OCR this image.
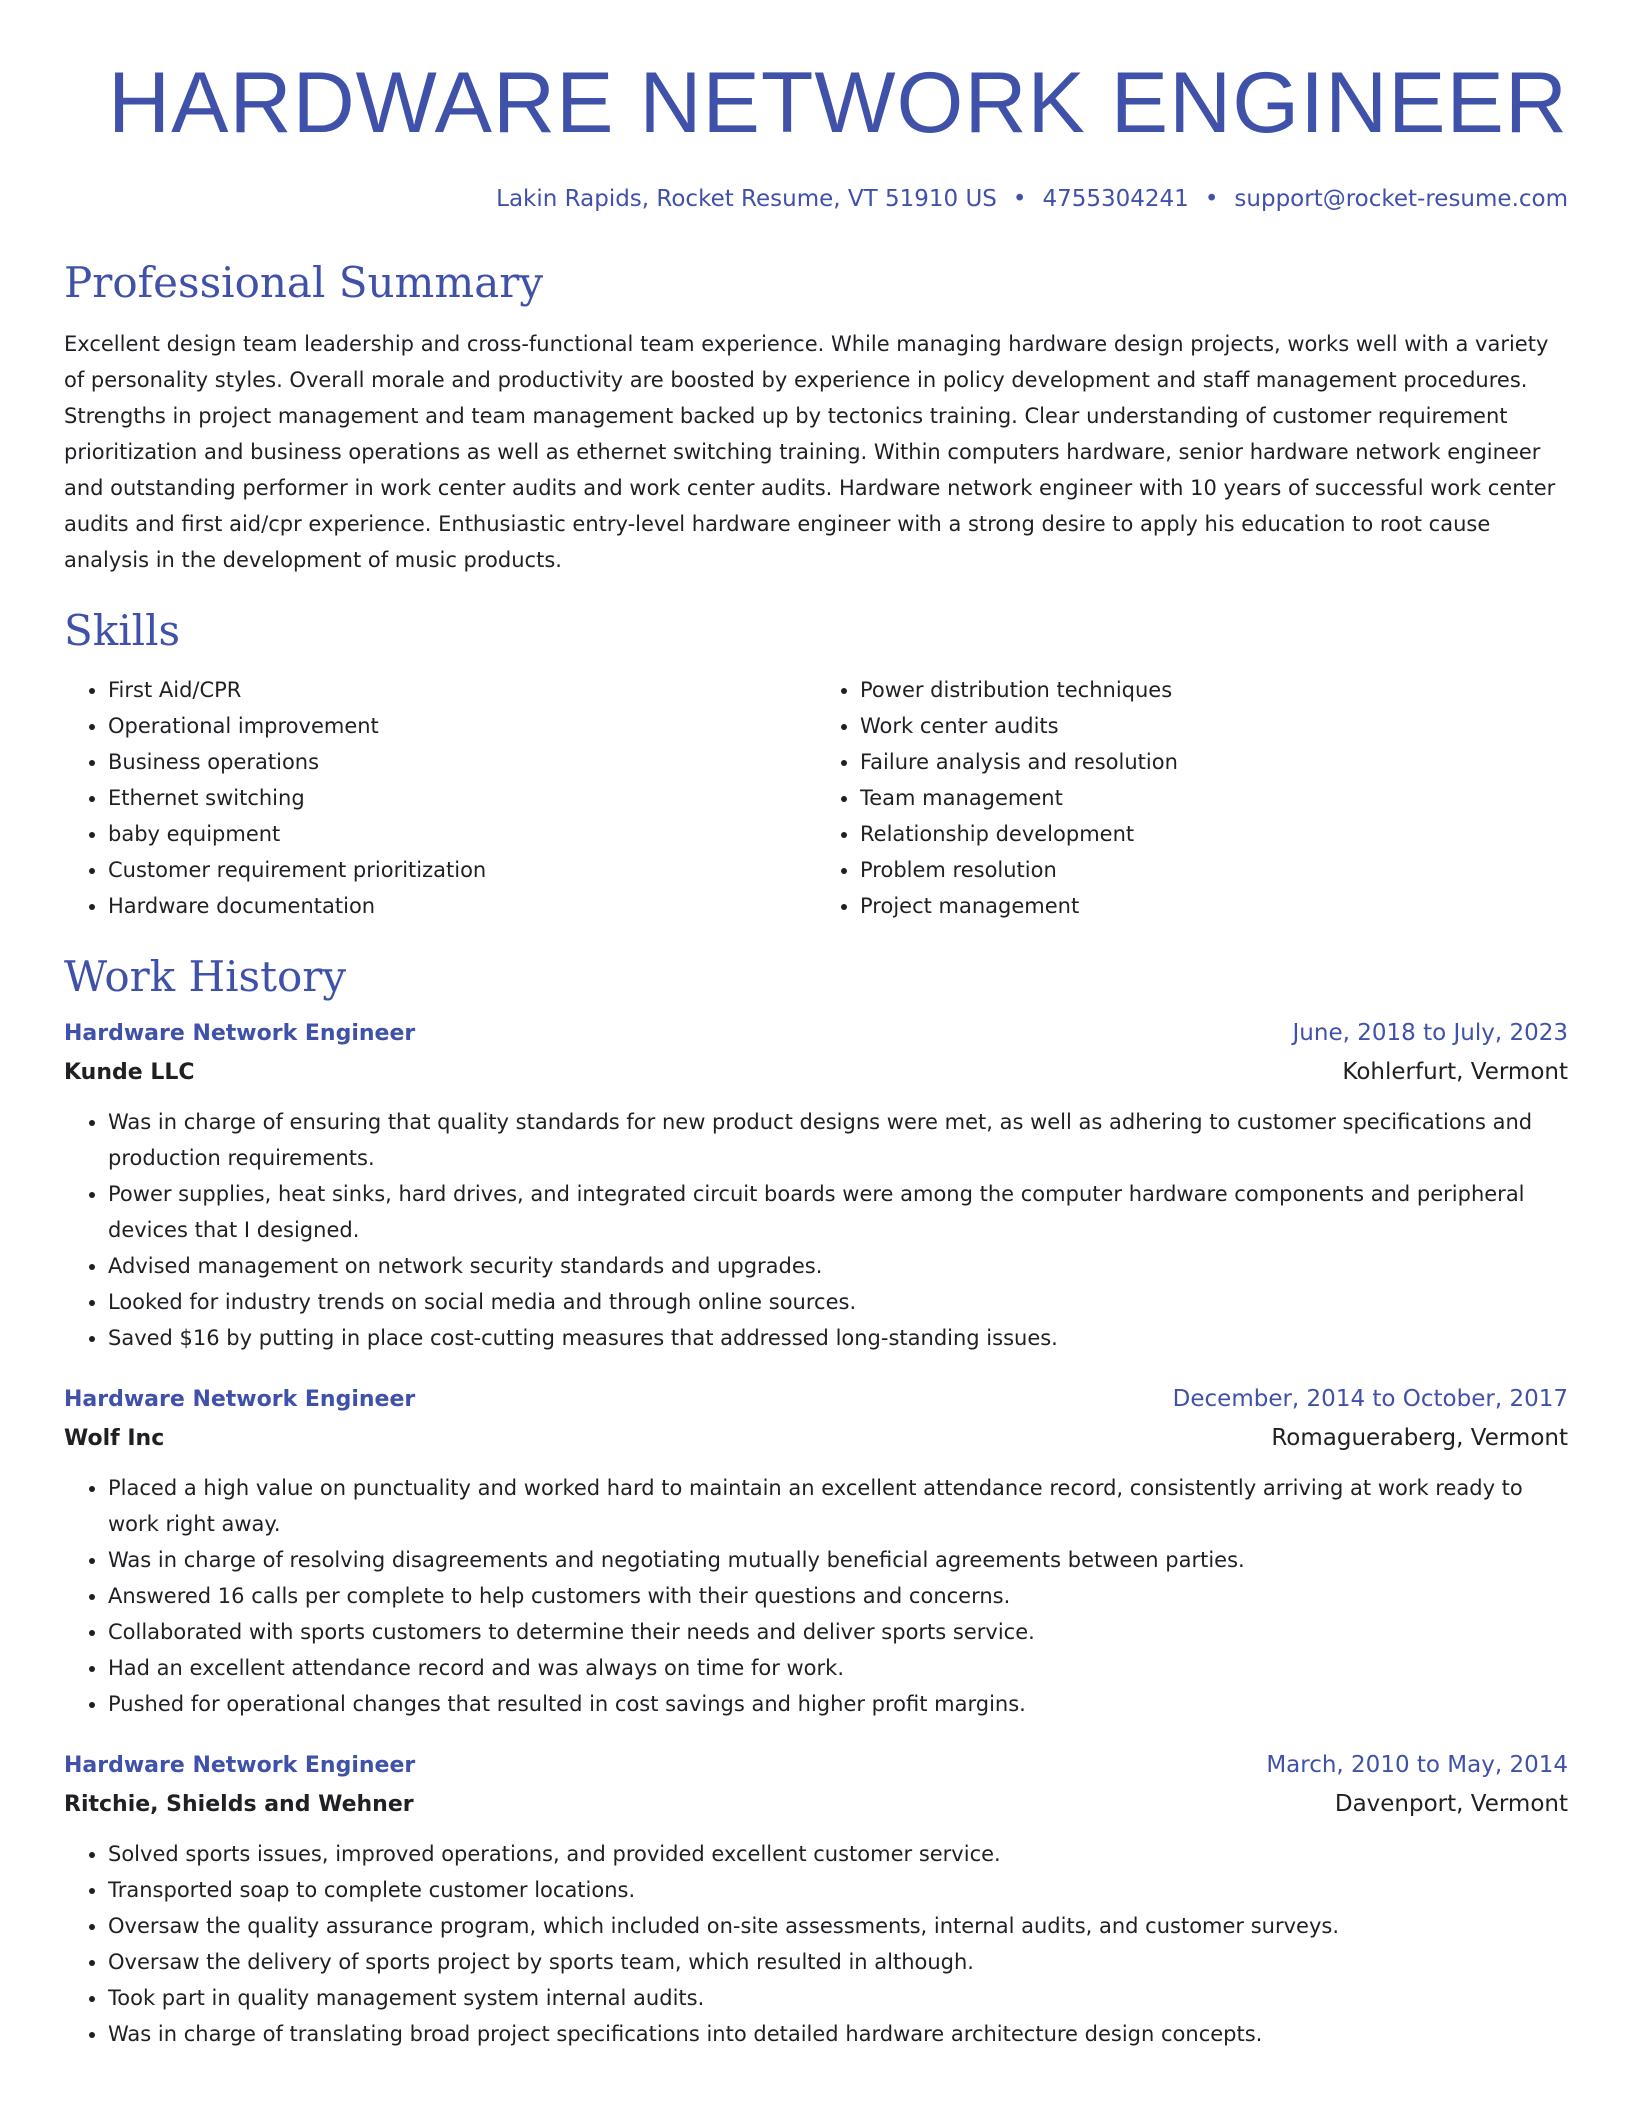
HARDWARE NETWORK ENGINEER
Lakin Rapids, Rocket Resume, VT 51910 US • 4755304241 • support@rocket-resume.com
Professional Summary

Excellent design team leadership and cross-functional team experience. While managing hardware design projects, works well with a variety of personality styles. Overall morale and productivity are boosted by experience in policy development and staff management procedures. Strengths in project management and team management backed up by tectonics training. Clear understanding of customer requirement prioritization and business operations as well as ethernet switching training. Within computers hardware, senior hardware network engineer and outstanding performer in work center audits and work center audits. Hardware network engineer with 10 years of successful work center audits and first aid/cpr experience. Enthusiastic entry-level hardware engineer with a strong desire to apply his education to root cause analysis in the development of music products.

Skills
• First Aid/CPR
• Operational improvement
• Business operations
• Ethernet switching
• baby equipment
• Customer requirement prioritization
• Hardware documentation
• Power distribution techniques
• Work center audits
• Failure analysis and resolution
• Team management
• Relationship development
• Problem resolution
• Project management
Work History
Hardware Network Engineer	June, 2018 to July, 2023
Kunde LLC	Kohlerfurt, Vermont
• Was in charge of ensuring that quality standards for new product designs were met, as well as adhering to customer specifications and production requirements.
• Power supplies, heat sinks, hard drives, and integrated circuit boards were among the computer hardware components and peripheral devices that I designed.
• Advised management on network security standards and upgrades.
• Looked for industry trends on social media and through online sources.
• Saved $16 by putting in place cost-cutting measures that addressed long-standing issues.
Hardware Network Engineer	December, 2014 to October, 2017
Wolf Inc	Romagueraberg, Vermont
• Placed a high value on punctuality and worked hard to maintain an excellent attendance record, consistently arriving at work ready to work right away.
• Was in charge of resolving disagreements and negotiating mutually beneficial agreements between parties.
• Answered 16 calls per complete to help customers with their questions and concerns.
• Collaborated with sports customers to determine their needs and deliver sports service.
• Had an excellent attendance record and was always on time for work.
• Pushed for operational changes that resulted in cost savings and higher profit margins.
Hardware Network Engineer	March, 2010 to May, 2014
Ritchie, Shields and Wehner	Davenport, Vermont
• Solved sports issues, improved operations, and provided excellent customer service.
• Transported soap to complete customer locations.
• Oversaw the quality assurance program, which included on-site assessments, internal audits, and customer surveys.
• Oversaw the delivery of sports project by sports team, which resulted in although.
• Took part in quality management system internal audits.
• Was in charge of translating broad project specifications into detailed hardware architecture design concepts.
